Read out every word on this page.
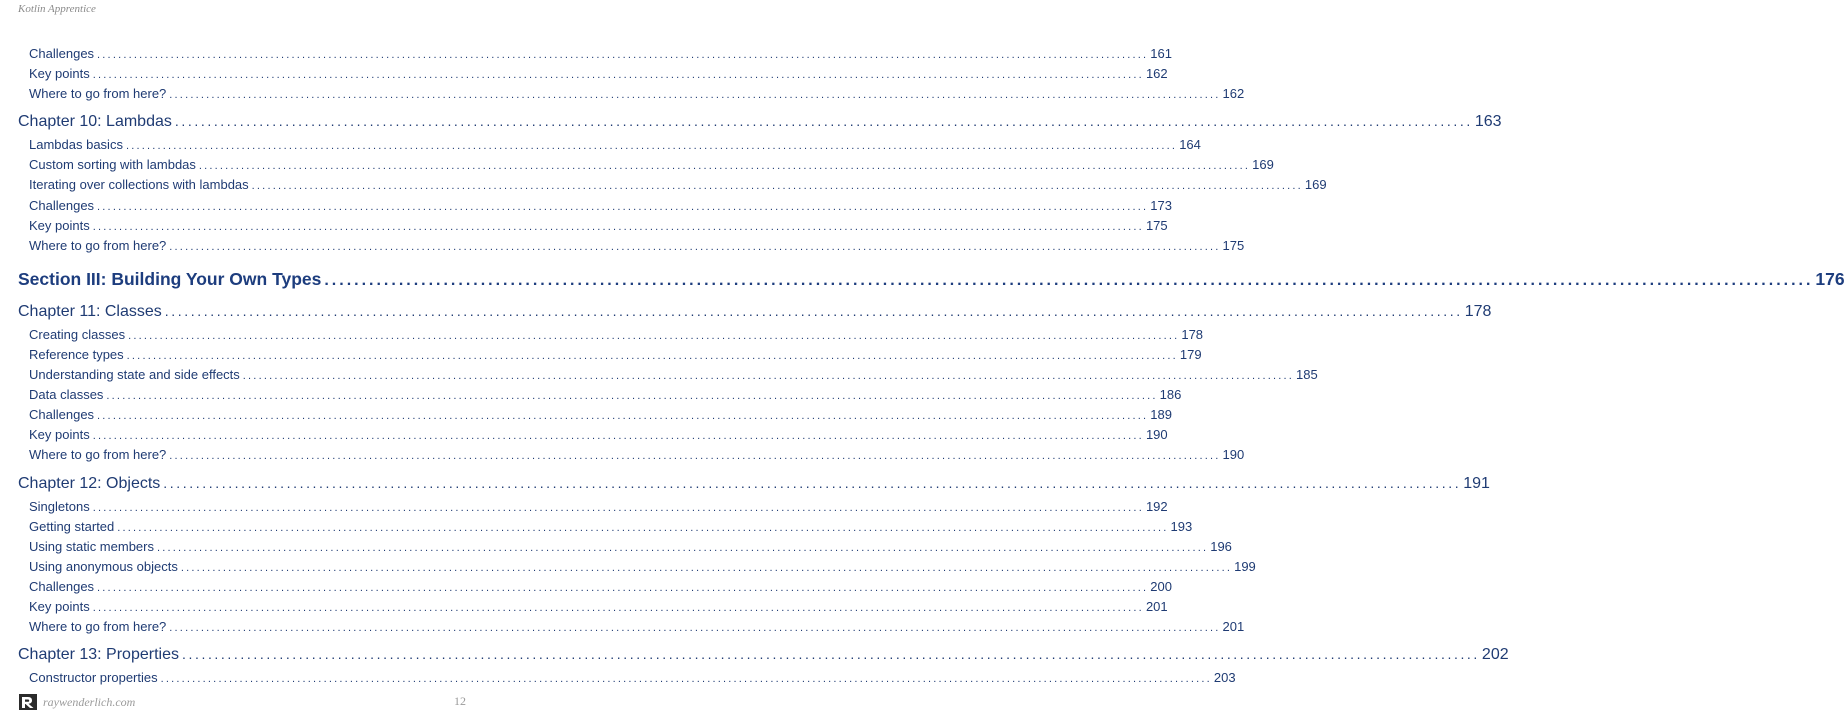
Kotlin Apprentice
Challenges ........................................................................................................................................................................................................ 161
Key points ........................................................................................................................................................................................................ 162
Where to go from here? ........................................................................................................................................................................................................ 162
Chapter 10: Lambdas ........................................................................................................................................................................................................ 163
Lambdas basics ........................................................................................................................................................................................................ 164
Custom sorting with lambdas ........................................................................................................................................................................................................ 169
Iterating over collections with lambdas ........................................................................................................................................................................................................ 169
Challenges ........................................................................................................................................................................................................ 173
Key points ........................................................................................................................................................................................................ 175
Where to go from here? ........................................................................................................................................................................................................ 175
Section III: Building Your Own Types ........................................................................................................................................................................................................ 176
Chapter 11: Classes ........................................................................................................................................................................................................ 178
Creating classes ........................................................................................................................................................................................................ 178
Reference types ........................................................................................................................................................................................................ 179
Understanding state and side effects ........................................................................................................................................................................................................ 185
Data classes ........................................................................................................................................................................................................ 186
Challenges ........................................................................................................................................................................................................ 189
Key points ........................................................................................................................................................................................................ 190
Where to go from here? ........................................................................................................................................................................................................ 190
Chapter 12: Objects ........................................................................................................................................................................................................ 191
Singletons ........................................................................................................................................................................................................ 192
Getting started ........................................................................................................................................................................................................ 193
Using static members ........................................................................................................................................................................................................ 196
Using anonymous objects ........................................................................................................................................................................................................ 199
Challenges ........................................................................................................................................................................................................ 200
Key points ........................................................................................................................................................................................................ 201
Where to go from here? ........................................................................................................................................................................................................ 201
Chapter 13: Properties ........................................................................................................................................................................................................ 202
Constructor properties ........................................................................................................................................................................................................ 203
raywenderlich.com	12
